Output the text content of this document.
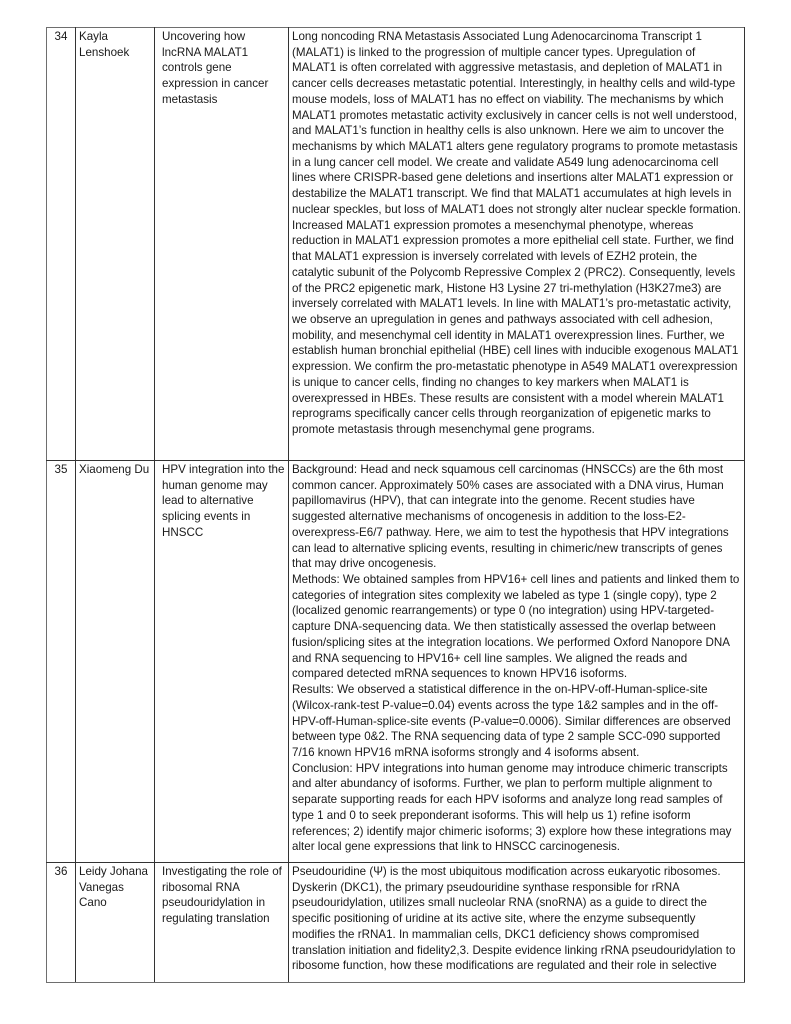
34	Kayla Lenshoek	Uncovering how lncRNA MALAT1 controls gene expression in cancer metastasis	Long noncoding RNA Metastasis Associated Lung Adenocarcinoma Transcript 1 (MALAT1) is linked to the progression of multiple cancer types. Upregulation of MALAT1 is often correlated with aggressive metastasis, and depletion of MALAT1 in cancer cells decreases metastatic potential. Interestingly, in healthy cells and wild-type mouse models, loss of MALAT1 has no effect on viability. The mechanisms by which MALAT1 promotes metastatic activity exclusively in cancer cells is not well understood, and MALAT1’s function in healthy cells is also unknown. Here we aim to uncover the mechanisms by which MALAT1 alters gene regulatory programs to promote metastasis in a lung cancer cell model. We create and validate A549 lung adenocarcinoma cell lines where CRISPR-based gene deletions and insertions alter MALAT1 expression or destabilize the MALAT1 transcript. We find that MALAT1 accumulates at high levels in nuclear speckles, but loss of MALAT1 does not strongly alter nuclear speckle formation. Increased MALAT1 expression promotes a mesenchymal phenotype, whereas reduction in MALAT1 expression promotes a more epithelial cell state. Further, we find that MALAT1 expression is inversely correlated with levels of EZH2 protein, the catalytic subunit of the Polycomb Repressive Complex 2 (PRC2). Consequently, levels of the PRC2 epigenetic mark, Histone H3 Lysine 27 tri-methylation (H3K27me3) are inversely correlated with MALAT1 levels. In line with MALAT1’s pro-metastatic activity, we observe an upregulation in genes and pathways associated with cell adhesion, mobility, and mesenchymal cell identity in MALAT1 overexpression lines. Further, we establish human bronchial epithelial (HBE) cell lines with inducible exogenous MALAT1 expression. We confirm the pro-metastatic phenotype in A549 MALAT1 overexpression is unique to cancer cells, finding no changes to key markers when MALAT1 is overexpressed in HBEs. These results are consistent with a model wherein MALAT1 reprograms specifically cancer cells through reorganization of epigenetic marks to promote metastasis through mesenchymal gene programs.

35	Xiaomeng Du	HPV integration into the human genome may lead to alternative splicing events in HNSCC	Background: Head and neck squamous cell carcinomas (HNSCCs) are the 6th most common cancer. Approximately 50% cases are associated with a DNA virus, Human papillomavirus (HPV), that can integrate into the genome. Recent studies have suggested alternative mechanisms of oncogenesis in addition to the loss-E2-overexpress-E6/7 pathway. Here, we aim to test the hypothesis that HPV integrations can lead to alternative splicing events, resulting in chimeric/new transcripts of genes that may drive oncogenesis.
Methods: We obtained samples from HPV16+ cell lines and patients and linked them to categories of integration sites complexity we labeled as type 1 (single copy), type 2 (localized genomic rearrangements) or type 0 (no integration) using HPV-targeted-capture DNA-sequencing data. We then statistically assessed the overlap between fusion/splicing sites at the integration locations. We performed Oxford Nanopore DNA and RNA sequencing to HPV16+ cell line samples. We aligned the reads and compared detected mRNA sequences to known HPV16 isoforms.
Results: We observed a statistical difference in the on-HPV-off-Human-splice-site (Wilcox-rank-test P-value=0.04) events across the type 1&2 samples and in the off-HPV-off-Human-splice-site events (P-value=0.0006). Similar differences are observed between type 0&2. The RNA sequencing data of type 2 sample SCC-090 supported 7/16 known HPV16 mRNA isoforms strongly and 4 isoforms absent.
Conclusion: HPV integrations into human genome may introduce chimeric transcripts and alter abundancy of isoforms. Further, we plan to perform multiple alignment to separate supporting reads for each HPV isoforms and analyze long read samples of type 1 and 0 to seek preponderant isoforms. This will help us 1) refine isoform references; 2) identify major chimeric isoforms; 3) explore how these integrations may alter local gene expressions that link to HNSCC carcinogenesis.

36	Leidy Johana Vanegas Cano	Investigating the role of ribosomal RNA pseudouridylation in regulating translation	Pseudouridine (Ψ) is the most ubiquitous modification across eukaryotic ribosomes. Dyskerin (DKC1), the primary pseudouridine synthase responsible for rRNA pseudouridylation, utilizes small nucleolar RNA (snoRNA) as a guide to direct the specific positioning of uridine at its active site, where the enzyme subsequently modifies the rRNA1. In mammalian cells, DKC1 deficiency shows compromised translation initiation and fidelity2,3. Despite evidence linking rRNA pseudouridylation to ribosome function, how these modifications are regulated and their role in selective
